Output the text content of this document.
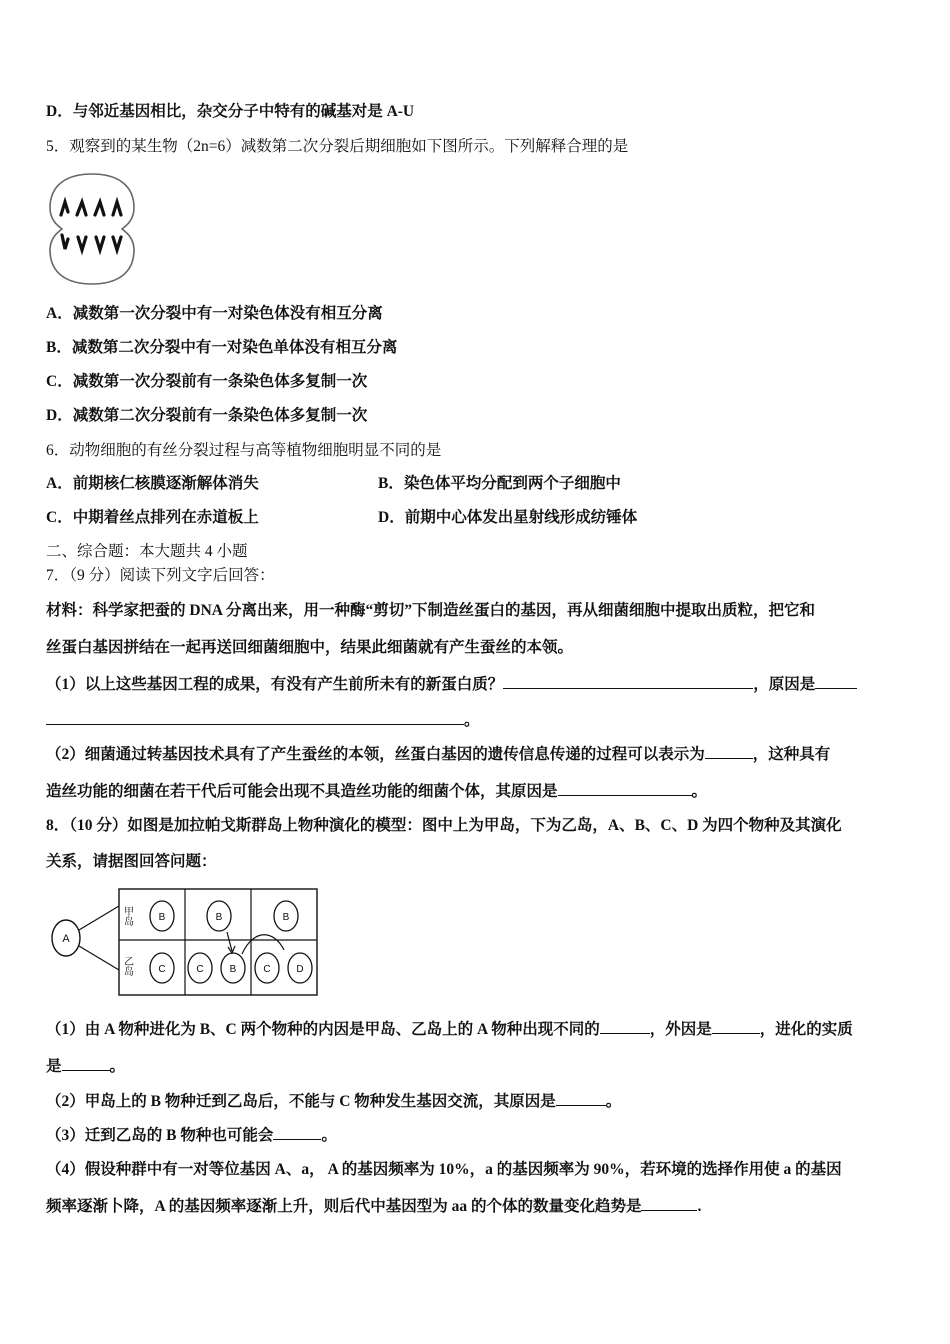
D．与邻近基因相比，杂交分子中特有的碱基对是 A-U
5．观察到的某生物（2n=6）减数第二次分裂后期细胞如下图所示。下列解释合理的是
A．减数第一次分裂中有一对染色体没有相互分离
B．减数第二次分裂中有一对染色单体没有相互分离
C．减数第一次分裂前有一条染色体多复制一次
D．减数第二次分裂前有一条染色体多复制一次
6．动物细胞的有丝分裂过程与高等植物细胞明显不同的是
A．前期核仁核膜逐渐解体消失	B．染色体平均分配到两个子细胞中
C．中期着丝点排列在赤道板上	D．前期中心体发出星射线形成纺锤体
二、综合题：本大题共 4 小题
7．（9 分）阅读下列文字后回答：
材料：科学家把蚕的 DNA 分离出来，用一种酶“剪切”下制造丝蛋白的基因，再从细菌细胞中提取出质粒，把它和
丝蛋白基因拼结在一起再送回细菌细胞中，结果此细菌就有产生蚕丝的本领。
（1）以上这些基因工程的成果，有没有产生前所未有的新蛋白质？	，原因是
。
（2）细菌通过转基因技术具有了产生蚕丝的本领，丝蛋白基因的遗传信息传递的过程可以表示为	，这种具有
造丝功能的细菌在若干代后可能会出现不具造丝功能的细菌个体，其原因是	。
8．（10 分）如图是加拉帕戈斯群岛上物种演化的模型：图中上为甲岛，下为乙岛，A、B、C、D 为四个物种及其演化
关系，请据图回答问题：
A
甲岛
乙岛
B	B	B
C	C	B	C	D
（1）由 A 物种进化为 B、C 两个物种的内因是甲岛、乙岛上的 A 物种出现不同的	，外因是	，进化的实质
是	。
（2）甲岛上的 B 物种迁到乙岛后，不能与 C 物种发生基因交流，其原因是	。
（3）迁到乙岛的 B 物种也可能会	。
（4）假设种群中有一对等位基因 A、a， A 的基因频率为 10%，a 的基因频率为 90%，若环境的选择作用使 a 的基因
频率逐渐卜降，A 的基因频率逐渐上升，则后代中基因型为 aa 的个体的数量变化趋势是	.
